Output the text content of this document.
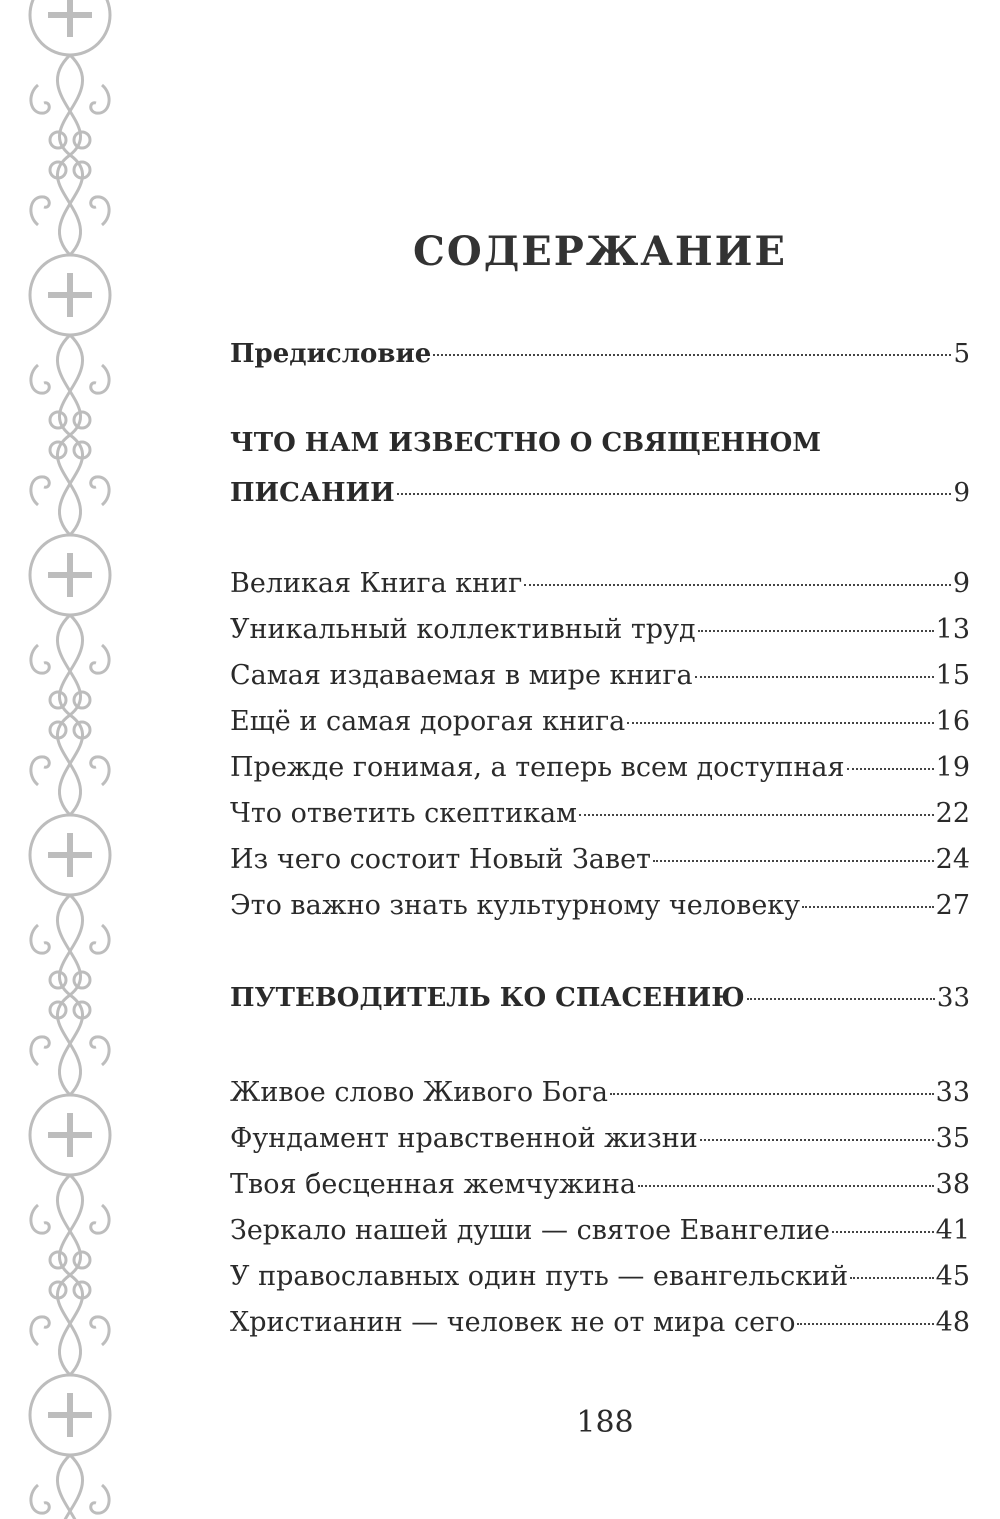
СОДЕРЖАНИЕ
Предисловие	5
ЧТО НАМ ИЗВЕСТНО О СВЯЩЕННОМ
ПИСАНИИ	9
Великая Книга книг	9
Уникальный коллективный труд	13
Самая издаваемая в мире книга	15
Ещё и самая дорогая книга	16
Прежде гонимая, а теперь всем доступная	19
Что ответить скептикам	22
Из чего состоит Новый Завет	24
Это важно знать культурному человеку	27
ПУТЕВОДИТЕЛЬ КО СПАСЕНИЮ	33
Живое слово Живого Бога	33
Фундамент нравственной жизни	35
Твоя бесценная жемчужина	38
Зеркало нашей души — святое Евангелие	41
У православных один путь — евангельский	45
Христианин — человек не от мира сего	48
188
